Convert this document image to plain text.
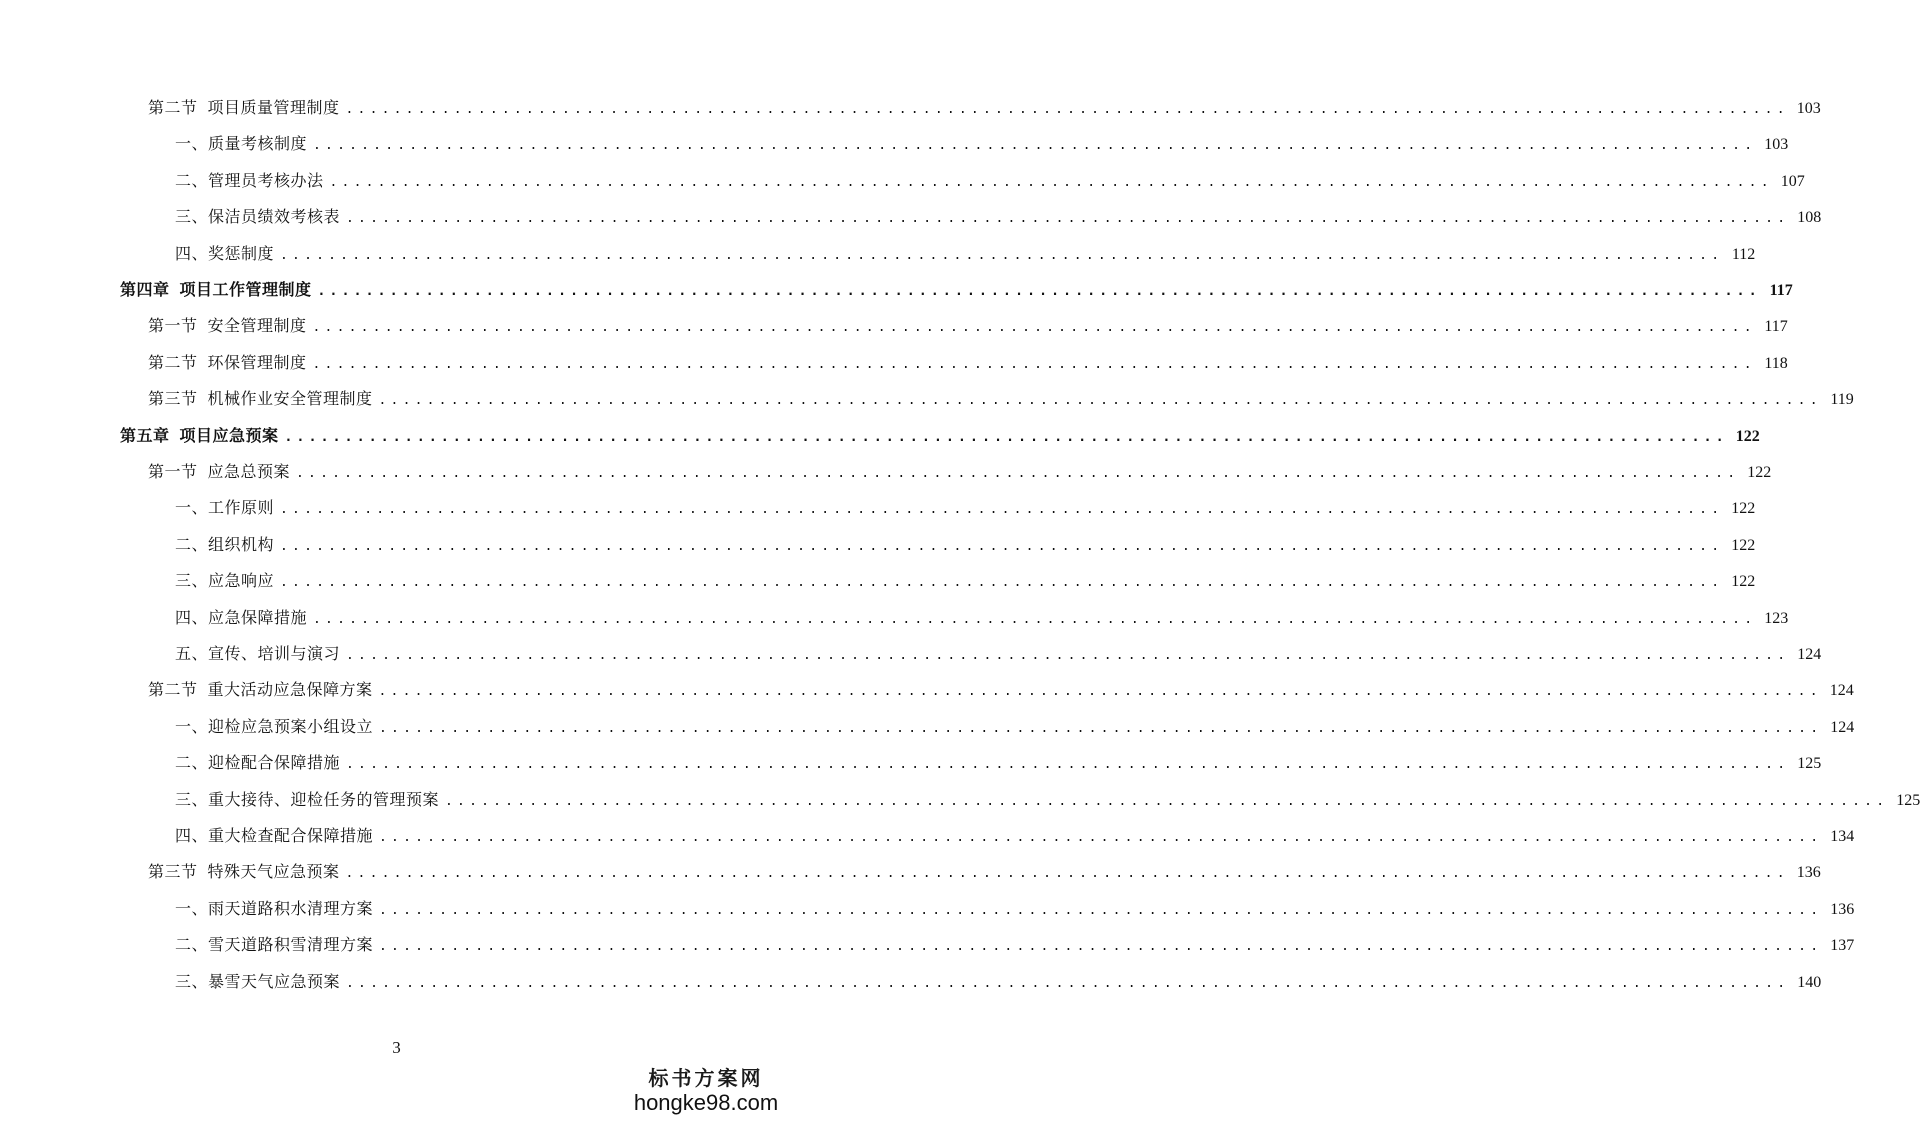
第二节 项目质量管理制度 ........................................................................................................................ 103
一、质量考核制度 ........................................................................................................................ 103
二、管理员考核办法 ........................................................................................................................ 107
三、保洁员绩效考核表 ........................................................................................................................ 108
四、奖惩制度 ........................................................................................................................ 112
第四章 项目工作管理制度 ........................................................................................................................ 117
第一节 安全管理制度 ........................................................................................................................ 117
第二节 环保管理制度 ........................................................................................................................ 118
第三节 机械作业安全管理制度 ........................................................................................................................ 119
第五章 项目应急预案 ........................................................................................................................ 122
第一节 应急总预案 ........................................................................................................................ 122
一、工作原则 ........................................................................................................................ 122
二、组织机构 ........................................................................................................................ 122
三、应急响应 ........................................................................................................................ 122
四、应急保障措施 ........................................................................................................................ 123
五、宣传、培训与演习 ........................................................................................................................ 124
第二节 重大活动应急保障方案 ........................................................................................................................ 124
一、迎检应急预案小组设立 ........................................................................................................................ 124
二、迎检配合保障措施 ........................................................................................................................ 125
三、重大接待、迎检任务的管理预案 ........................................................................................................................ 125
四、重大检查配合保障措施 ........................................................................................................................ 134
第三节 特殊天气应急预案 ........................................................................................................................ 136
一、雨天道路积水清理方案 ........................................................................................................................ 136
二、雪天道路积雪清理方案 ........................................................................................................................ 137
三、暴雪天气应急预案 ........................................................................................................................ 140
3
标书方案网
hongke98.com
